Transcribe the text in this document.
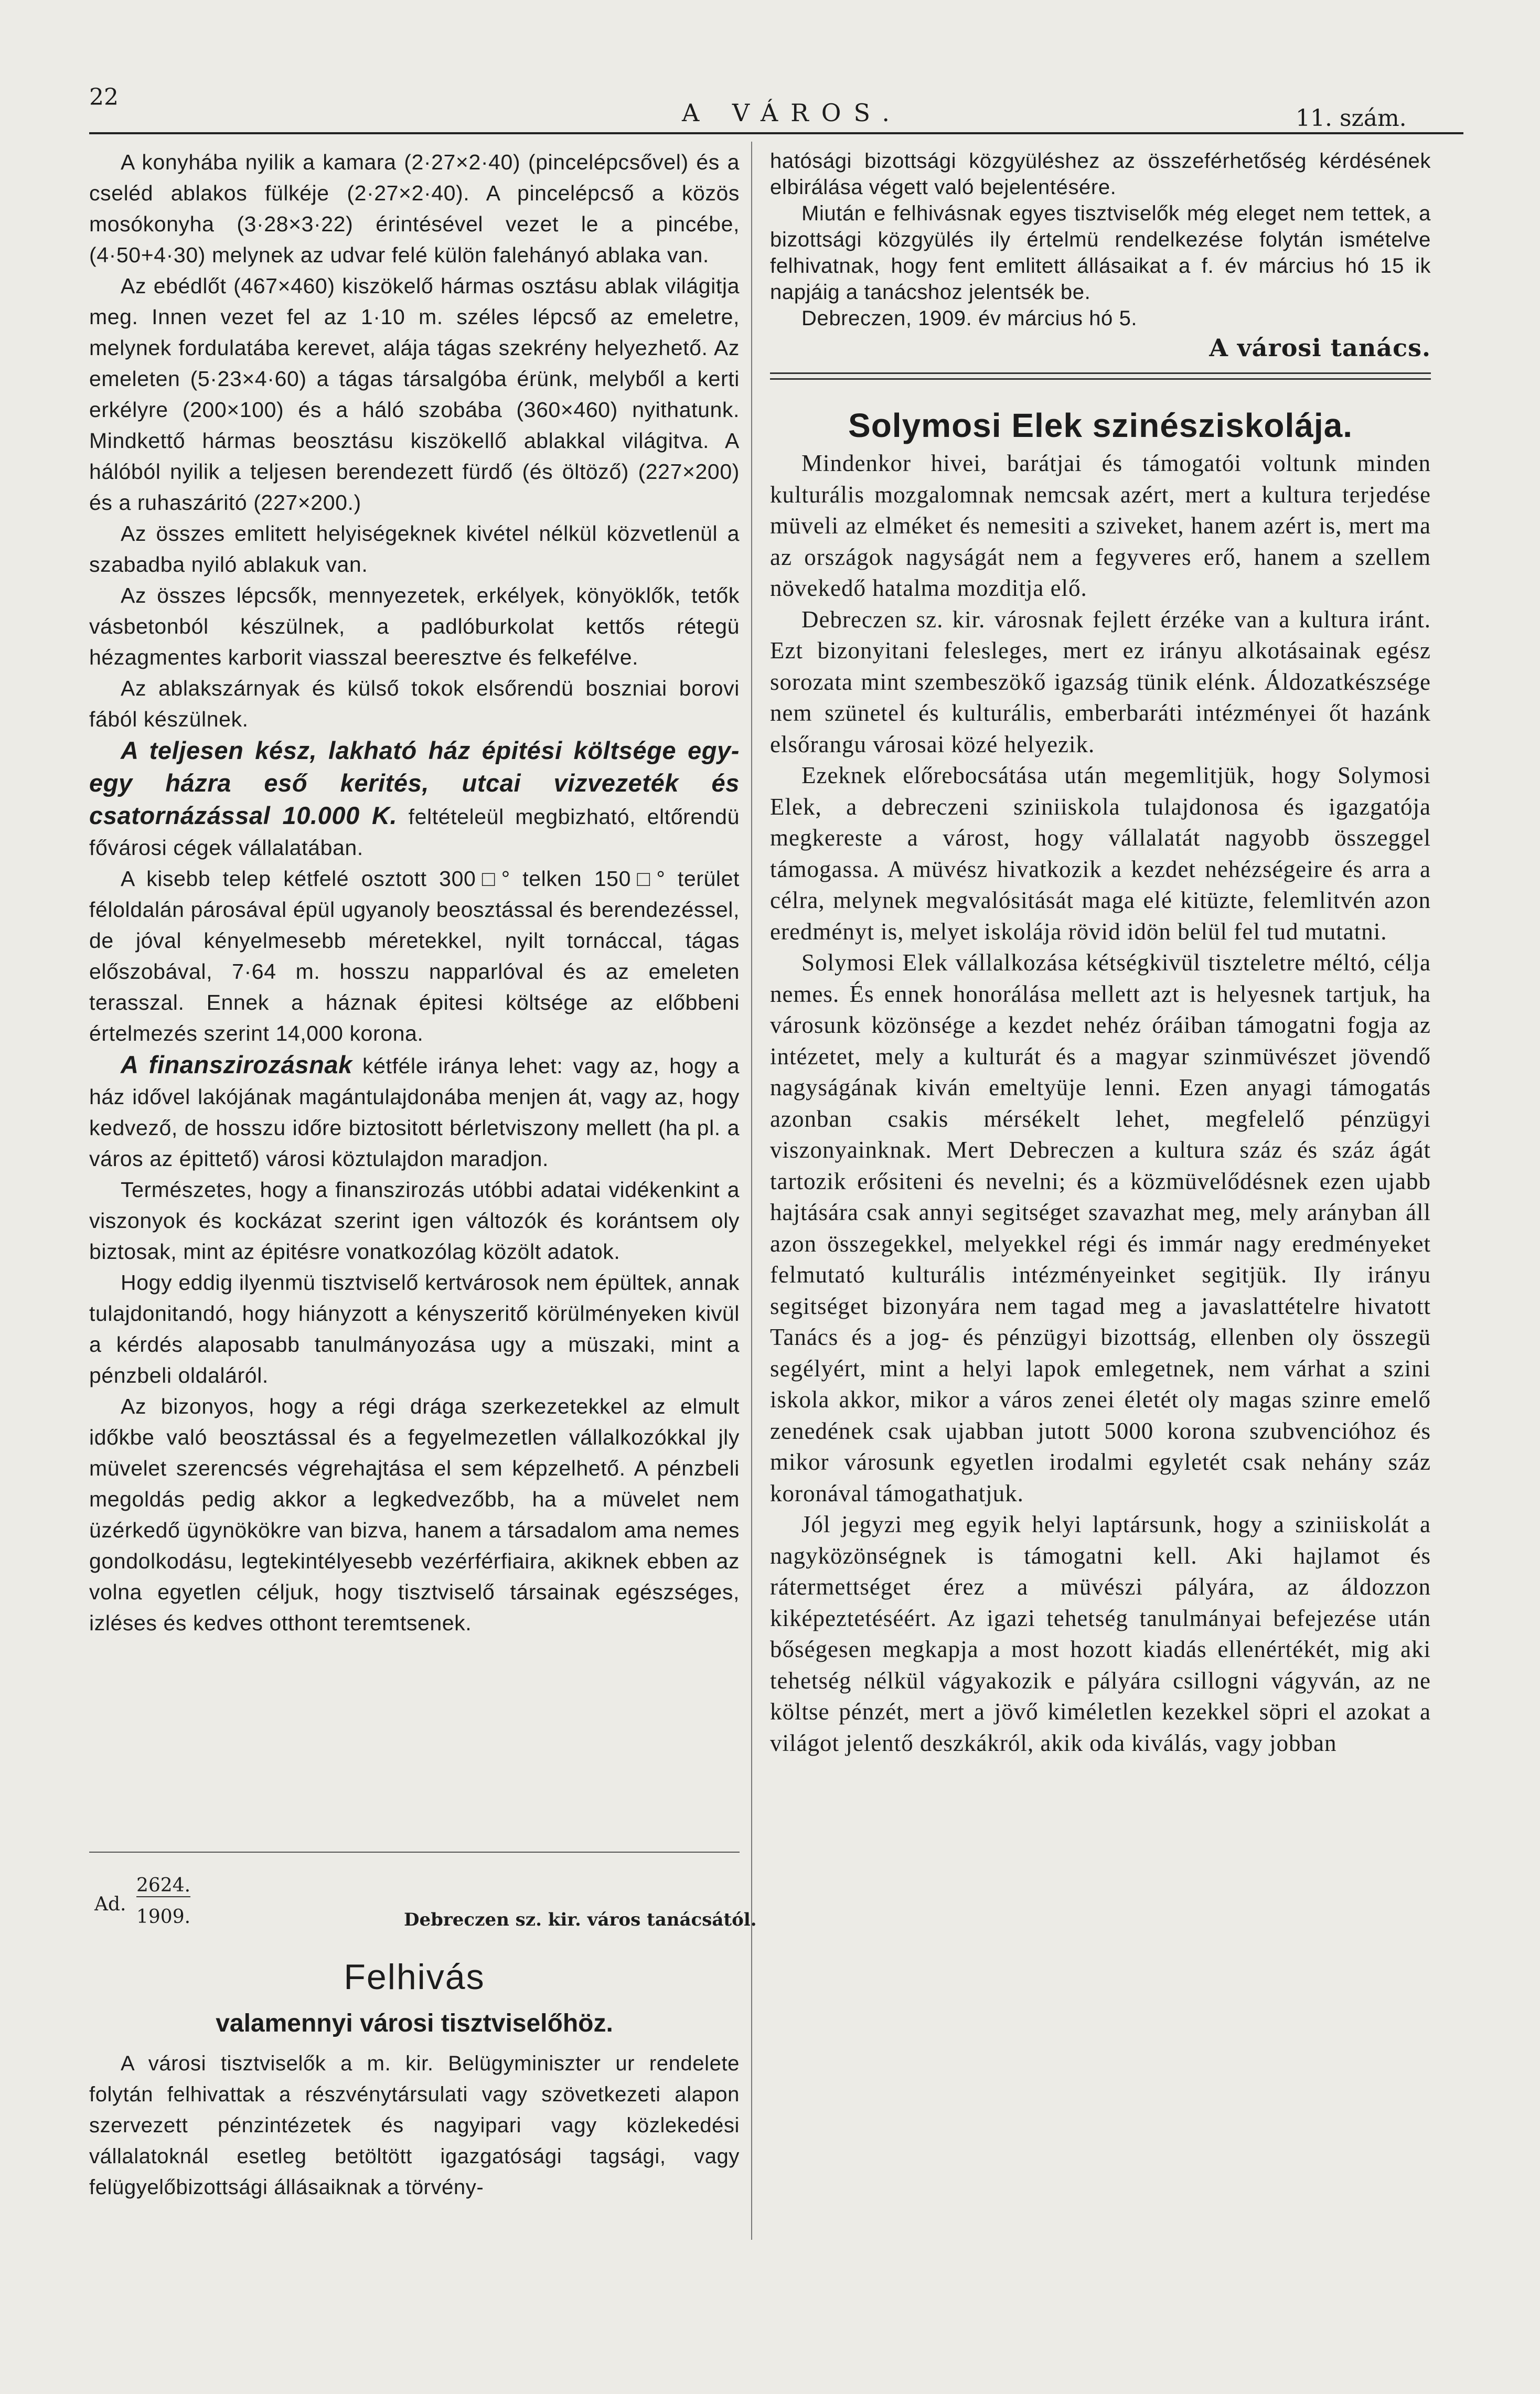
22
A VÁROS.	11. szám.

A konyhába nyilik a kamara (2·27×2·40) (pincelépcsővel) és a cseléd ablakos fülkéje (2·27×2·40). A pincelépcső a közös mosókonyha (3·28×3·22) érintésével vezet le a pincébe, (4·50+4·30) melynek az udvar felé külön falehányó ablaka van.

Az ebédlőt (467×460) kiszökelő hármas osztásu ablak világitja meg. Innen vezet fel az 1·10 m. széles lépcső az emeletre, melynek fordulatába kerevet, alája tágas szekrény helyezhető. Az emeleten (5·23×4·60) a tágas társalgóba érünk, melyből a kerti erkélyre (200×100) és a háló szobába (360×460) nyithatunk. Mindkettő hármas beosztásu kiszökellő ablakkal világitva. A hálóból nyilik a teljesen berendezett fürdő (és öltöző) (227×200) és a ruhaszáritó (227×200.)

Az összes emlitett helyiségeknek kivétel nélkül közvetlenül a szabadba nyiló ablakuk van.

Az összes lépcsők, mennyezetek, erkélyek, könyöklők, tetők vásbetonból készülnek, a padlóburkolat kettős rétegü hézagmentes karborit viasszal beeresztve és felkefélve.

Az ablakszárnyak és külső tokok elsőrendü boszniai borovi fából készülnek.

A teljesen kész, lakható ház épitési költsége egy-egy házra eső kerités, utcai vizvezeték és csatornázással 10.000 K. feltételeül megbizható, eltőrendü fővárosi cégek vállalatában.

A kisebb telep kétfelé osztott 300□° telken 150□° terület féloldalán párosával épül ugyanoly beosztással és berendezéssel, de jóval kényelmesebb méretekkel, nyilt tornáccal, tágas előszobával, 7·64 m. hosszu napparlóval és az emeleten terasszal. Ennek a háznak épitesi költsége az előbbeni értelmezés szerint 14,000 korona.

A finanszirozásnak kétféle iránya lehet: vagy az, hogy a ház idővel lakójának magántulajdonába menjen át, vagy az, hogy kedvező, de hosszu időre biztositott bérletviszony mellett (ha pl. a város az épittető) városi köztulajdon maradjon.

Természetes, hogy a finanszirozás utóbbi adatai vidékenkint a viszonyok és kockázat szerint igen változók és korántsem oly biztosak, mint az épitésre vonatkozólag közölt adatok.

Hogy eddig ilyenmü tisztviselő kertvárosok nem épültek, annak tulajdonitandó, hogy hiányzott a kényszeritő körülményeken kivül a kérdés alaposabb tanulmányozása ugy a müszaki, mint a pénzbeli oldaláról.

Az bizonyos, hogy a régi drága szerkezetekkel az elmult időkbe való beosztással és a fegyelmezetlen vállalkozókkal jly müvelet szerencsés végrehajtása el sem képzelhető. A pénzbeli megoldás pedig akkor a legkedvezőbb, ha a müvelet nem üzérkedő ügynökökre van bizva, hanem a társadalom ama nemes gondolkodásu, legtekintélyesebb vezérférfiaira, akiknek ebben az volna egyetlen céljuk, hogy tisztviselő társainak egészséges, izléses és kedves otthont teremtsenek.

Ad.
2624.
1909.	Debreczen sz. kir. város tanácsától.
Felhivás
valamennyi városi tisztviselőhöz.

A városi tisztviselők a m. kir. Belügyminiszter ur rendelete folytán felhivattak a részvénytársulati vagy szövetkezeti alapon szervezett pénzintézetek és nagyipari vagy közlekedési vállalatoknál esetleg betöltött igazgatósági tagsági, vagy felügyelőbizottsági állásaiknak a törvény-

hatósági bizottsági közgyüléshez az összeférhetőség kérdésének elbirálása végett való bejelentésére.

Miután e felhivásnak egyes tisztviselők még eleget nem tettek, a bizottsági közgyülés ily értelmü rendelkezése folytán ismételve felhivatnak, hogy fent emlitett állásaikat a f. év március hó 15 ik napjáig a tanácshoz jelentsék be.

Debreczen, 1909. év március hó 5.

A városi tanács.

Solymosi Elek szinésziskolája.

Mindenkor hivei, barátjai és támogatói voltunk minden kulturális mozgalomnak nemcsak azért, mert a kultura terjedése müveli az elméket és nemesiti a sziveket, hanem azért is, mert ma az országok nagyságát nem a fegyveres erő, hanem a szellem növekedő hatalma mozditja elő.

Debreczen sz. kir. városnak fejlett érzéke van a kultura iránt. Ezt bizonyitani felesleges, mert ez irányu alkotásainak egész sorozata mint szembeszökő igazság tünik elénk. Áldozatkészsége nem szünetel és kulturális, emberbaráti intézményei őt hazánk elsőrangu városai közé helyezik.

Ezeknek előrebocsátása után megemlitjük, hogy Solymosi Elek, a debreczeni sziniiskola tulajdonosa és igazgatója megkereste a várost, hogy vállalatát nagyobb összeggel támogassa. A müvész hivatkozik a kezdet nehézségeire és arra a célra, melynek megvalósitását maga elé kitüzte, felemlitvén azon eredményt is, melyet iskolája rövid idön belül fel tud mutatni.

Solymosi Elek vállalkozása kétségkivül tiszteletre méltó, célja nemes. És ennek honorálása mellett azt is helyesnek tartjuk, ha városunk közönsége a kezdet nehéz óráiban támogatni fogja az intézetet, mely a kulturát és a magyar szinmüvészet jövendő nagyságának kiván emeltyüje lenni. Ezen anyagi támogatás azonban csakis mérsékelt lehet, megfelelő pénzügyi viszonyainknak. Mert Debreczen a kultura száz és száz ágát tartozik erősiteni és nevelni; és a közmüvelődésnek ezen ujabb hajtására csak annyi segitséget szavazhat meg, mely arányban áll azon összegekkel, melyekkel régi és immár nagy eredményeket felmutató kulturális intézményeinket segitjük. Ily irányu segitséget bizonyára nem tagad meg a javaslattételre hivatott Tanács és a jog- és pénzügyi bizottság, ellenben oly összegü segélyért, mint a helyi lapok emlegetnek, nem várhat a szini iskola akkor, mikor a város zenei életét oly magas szinre emelő zenedének csak ujabban jutott 5000 korona szubvencióhoz és mikor városunk egyetlen irodalmi egyletét csak nehány száz koronával támogathatjuk.

Jól jegyzi meg egyik helyi laptársunk, hogy a sziniiskolát a nagyközönségnek is támogatni kell. Aki hajlamot és rátermettséget érez a müvészi pályára, az áldozzon kiképeztetéséért. Az igazi tehetség tanulmányai befejezése után bőségesen megkapja a most hozott kiadás ellenértékét, mig aki tehetség nélkül vágyakozik e pályára csillogni vágyván, az ne költse pénzét, mert a jövő kiméletlen kezekkel söpri el azokat a világot jelentő deszkákról, akik oda kiválás, vagy jobban
